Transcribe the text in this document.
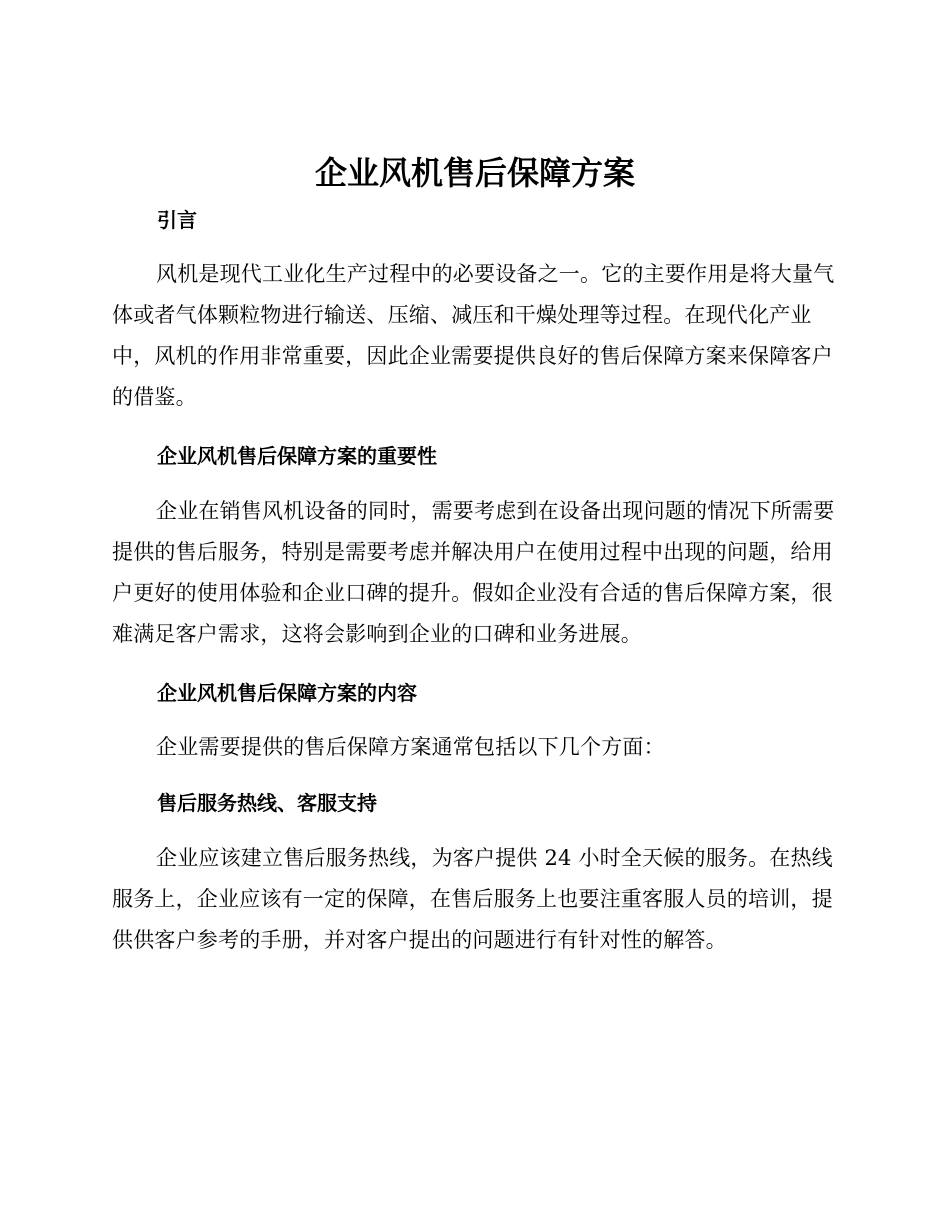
企业风机售后保障方案
引言

风机是现代工业化生产过程中的必要设备之一。它的主要作用是将大量气体或者气体颗粒物进行输送、压缩、减压和干燥处理等过程。在现代化产业中，风机的作用非常重要，因此企业需要提供良好的售后保障方案来保障客户的借鉴。

企业风机售后保障方案的重要性

企业在销售风机设备的同时，需要考虑到在设备出现问题的情况下所需要提供的售后服务，特别是需要考虑并解决用户在使用过程中出现的问题，给用户更好的使用体验和企业口碑的提升。假如企业没有合适的售后保障方案，很难满足客户需求，这将会影响到企业的口碑和业务进展。

企业风机售后保障方案的内容

企业需要提供的售后保障方案通常包括以下几个方面：

售后服务热线、客服支持

企业应该建立售后服务热线，为客户提供 24 小时全天候的服务。在热线服务上，企业应该有一定的保障，在售后服务上也要注重客服人员的培训，提供供客户参考的手册，并对客户提出的问题进行有针对性的解答。
